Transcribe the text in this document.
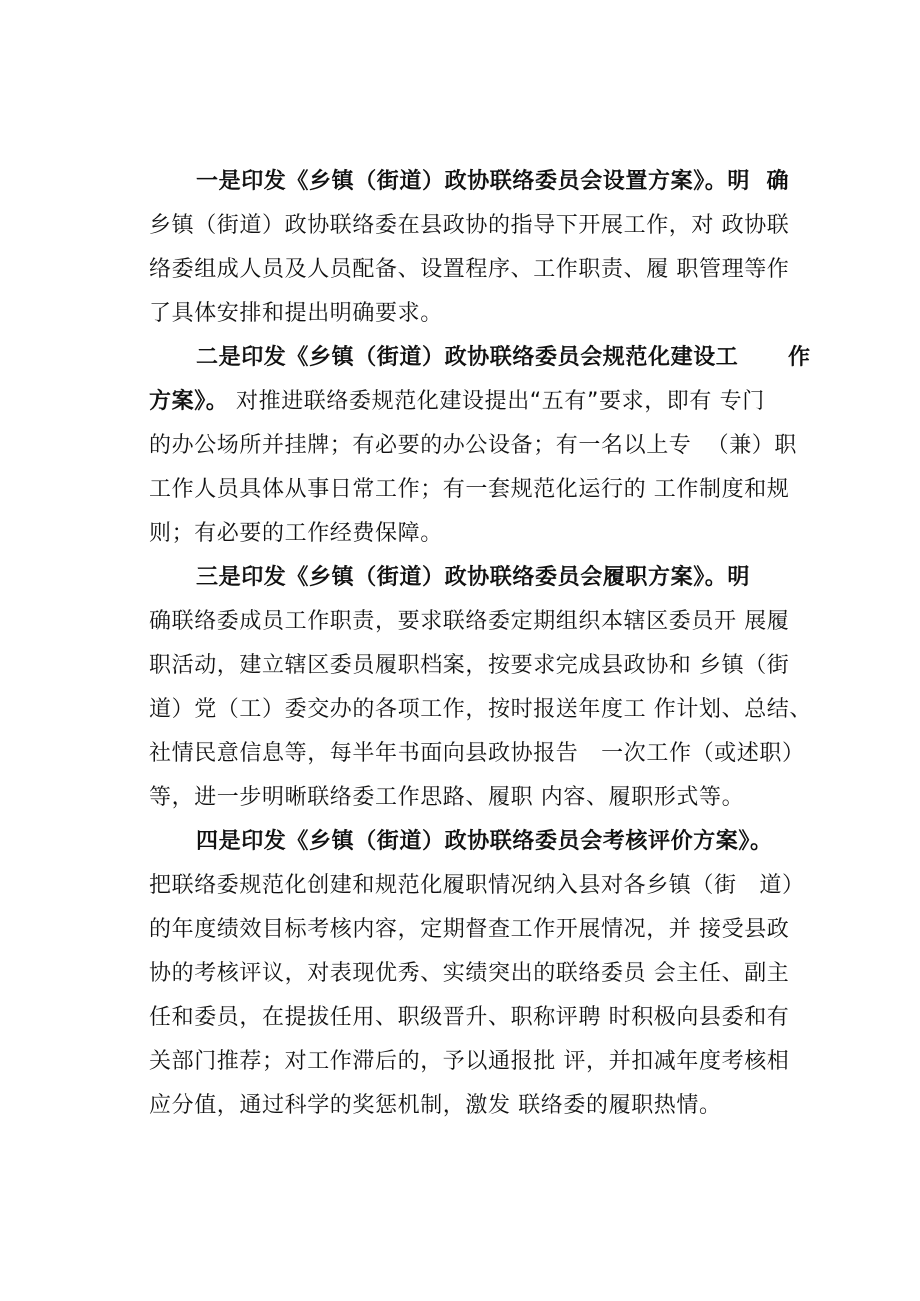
一是印发《乡镇（街道）政协联络委员会设置方案》。明  确
乡镇（街道）政协联络委在县政协的指导下开展工作，对 政协联
络委组成人员及人员配备、设置程序、工作职责、履 职管理等作
了具体安排和提出明确要求。
二是印发《乡镇（街道）政协联络委员会规范化建设工      作
方案》。 对推进联络委规范化建设提出“五有”要求，即有 专门
的办公场所并挂牌；有必要的办公设备；有一名以上专  （兼）职
工作人员具体从事日常工作；有一套规范化运行的 工作制度和规
则；有必要的工作经费保障。
三是印发《乡镇（街道）政协联络委员会履职方案》。明
确联络委成员工作职责，要求联络委定期组织本辖区委员开 展履
职活动，建立辖区委员履职档案，按要求完成县政协和 乡镇（街
道）党（工）委交办的各项工作，按时报送年度工 作计划、总结、
社情民意信息等，每半年书面向县政协报告   一次工作（或述职）
等，进一步明晰联络委工作思路、履职 内容、履职形式等。
四是印发《乡镇（街道）政协联络委员会考核评价方案》。
把联络委规范化创建和规范化履职情况纳入县对各乡镇（街   道）
的年度绩效目标考核内容，定期督查工作开展情况，并 接受县政
协的考核评议，对表现优秀、实绩突出的联络委员 会主任、副主
任和委员，在提拔任用、职级晋升、职称评聘 时积极向县委和有
关部门推荐；对工作滞后的，予以通报批 评，并扣减年度考核相
应分值，通过科学的奖惩机制，激发 联络委的履职热情。
